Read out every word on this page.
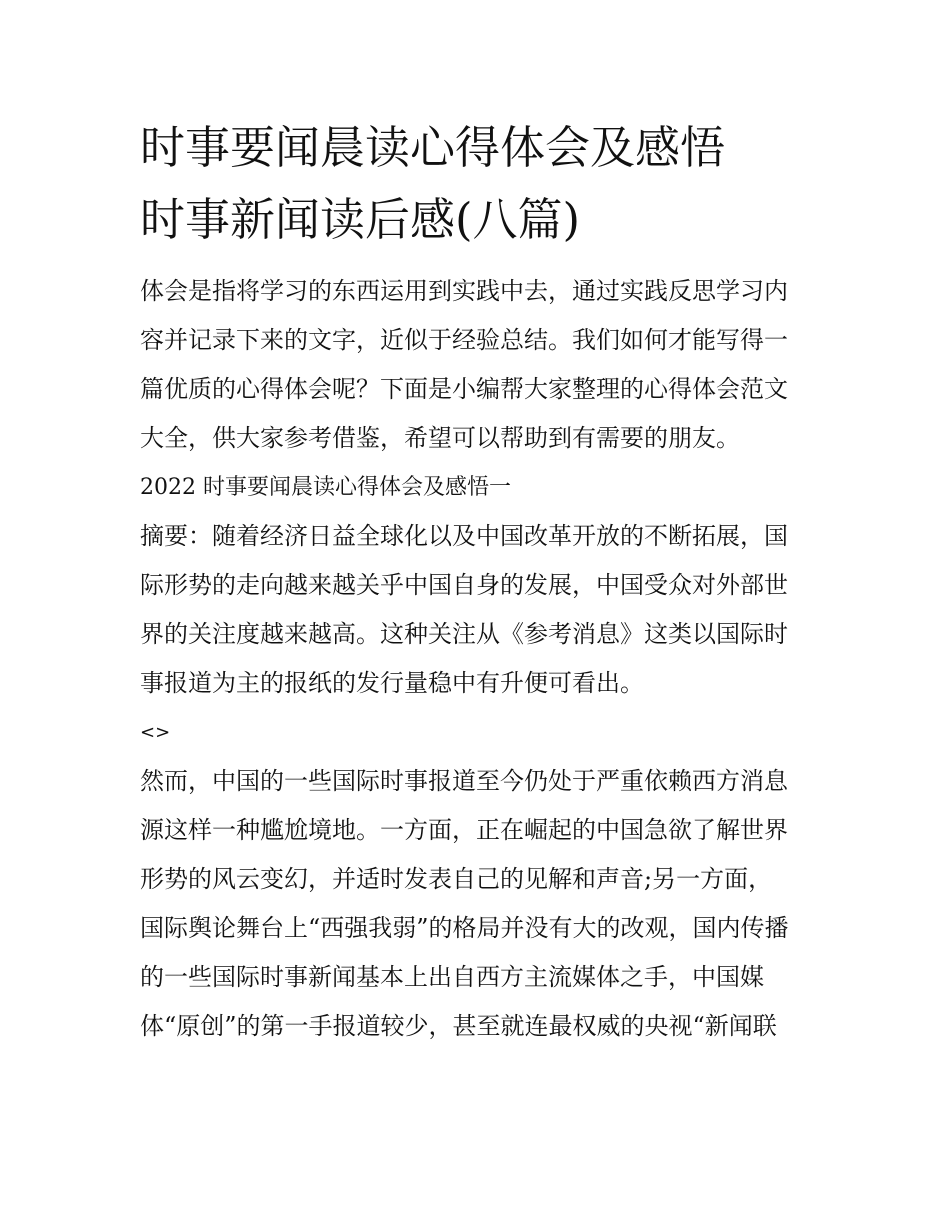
时事要闻晨读心得体会及感悟
时事新闻读后感(八篇)

体会是指将学习的东西运用到实践中去，通过实践反思学习内
容并记录下来的文字，近似于经验总结。我们如何才能写得一
篇优质的心得体会呢？下面是小编帮大家整理的心得体会范文
大全，供大家参考借鉴，希望可以帮助到有需要的朋友。

2022 时事要闻晨读心得体会及感悟一

摘要：随着经济日益全球化以及中国改革开放的不断拓展，国
际形势的走向越来越关乎中国自身的发展，中国受众对外部世
界的关注度越来越高。这种关注从《参考消息》这类以国际时
事报道为主的报纸的发行量稳中有升便可看出。

<>

然而，中国的一些国际时事报道至今仍处于严重依赖西方消息
源这样一种尴尬境地。一方面，正在崛起的中国急欲了解世界
形势的风云变幻，并适时发表自己的见解和声音;另一方面，
国际舆论舞台上“西强我弱”的格局并没有大的改观，国内传播
的一些国际时事新闻基本上出自西方主流媒体之手，中国媒
体“原创”的第一手报道较少，甚至就连最权威的央视“新闻联
